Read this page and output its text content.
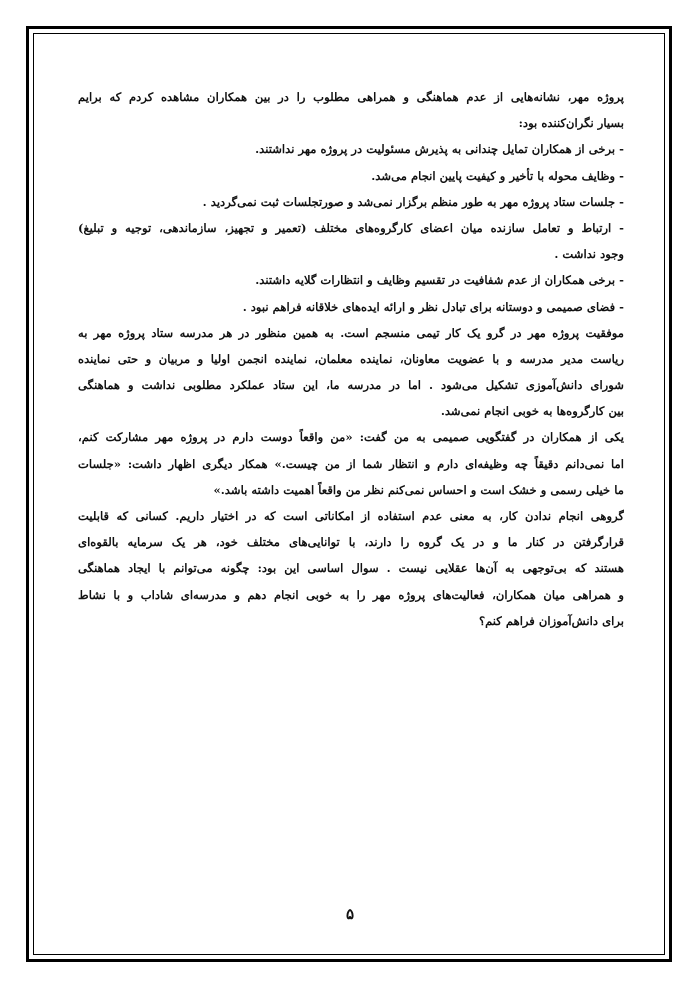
پروژه مهر، نشانه‌هایی از عدم هماهنگی و همراهی مطلوب را در بین همکاران مشاهده کردم که برایم
بسیار نگران‌کننده بود:
- برخی از همکاران تمایل چندانی به پذیرش مسئولیت در پروژه مهر نداشتند.
- وظایف محوله با تأخیر و کیفیت پایین انجام می‌شد.
- جلسات ستاد پروژه مهر به طور منظم برگزار نمی‌شد و صورتجلسات ثبت نمی‌گردید .
- ارتباط و تعامل سازنده میان اعضای کارگروه‌های مختلف (تعمیر و تجهیز، سازماندهی، توجیه و تبلیغ)
وجود نداشت .
- برخی همکاران از عدم شفافیت در تقسیم وظایف و انتظارات گلایه داشتند.
- فضای صمیمی و دوستانه برای تبادل نظر و ارائه ایده‌های خلاقانه فراهم نبود .
موفقیت پروژه مهر در گرو یک کار تیمی منسجم است. به همین منظور در هر مدرسه ستاد پروژه مهر به
ریاست مدیر مدرسه و با عضویت معاونان، نماینده معلمان، نماینده انجمن اولیا و مربیان و حتی نماینده
شورای دانش‌آموزی تشکیل می‌شود . اما در مدرسه ما، این ستاد عملکرد مطلوبی نداشت و هماهنگی
بین کارگروه‌ها به خوبی انجام نمی‌شد.
یکی از همکاران در گفتگویی صمیمی به من گفت: «من واقعاً دوست دارم در پروژه مهر مشارکت کنم،
اما نمی‌دانم دقیقاً چه وظیفه‌ای دارم و انتظار شما از من چیست.» همکار دیگری اظهار داشت: «جلسات
ما خیلی رسمی و خشک است و احساس نمی‌کنم نظر من واقعاً اهمیت داشته باشد.»
گروهی انجام ندادن کار، به معنی عدم استفاده از امکاناتی است که در اختیار داریم. کسانی که قابلیت
قرارگرفتن در کنار ما و در یک گروه را دارند، با توانایی‌های مختلف خود، هر یک سرمایه بالقوه‌ای
هستند که بی‌توجهی به آن‌ها عقلایی نیست . سوال اساسی این بود: چگونه می‌توانم با ایجاد هماهنگی
و همراهی میان همکاران، فعالیت‌های پروژه مهر را به خوبی انجام دهم و مدرسه‌ای شاداب و با نشاط
برای دانش‌آموزان فراهم کنم؟
۵
